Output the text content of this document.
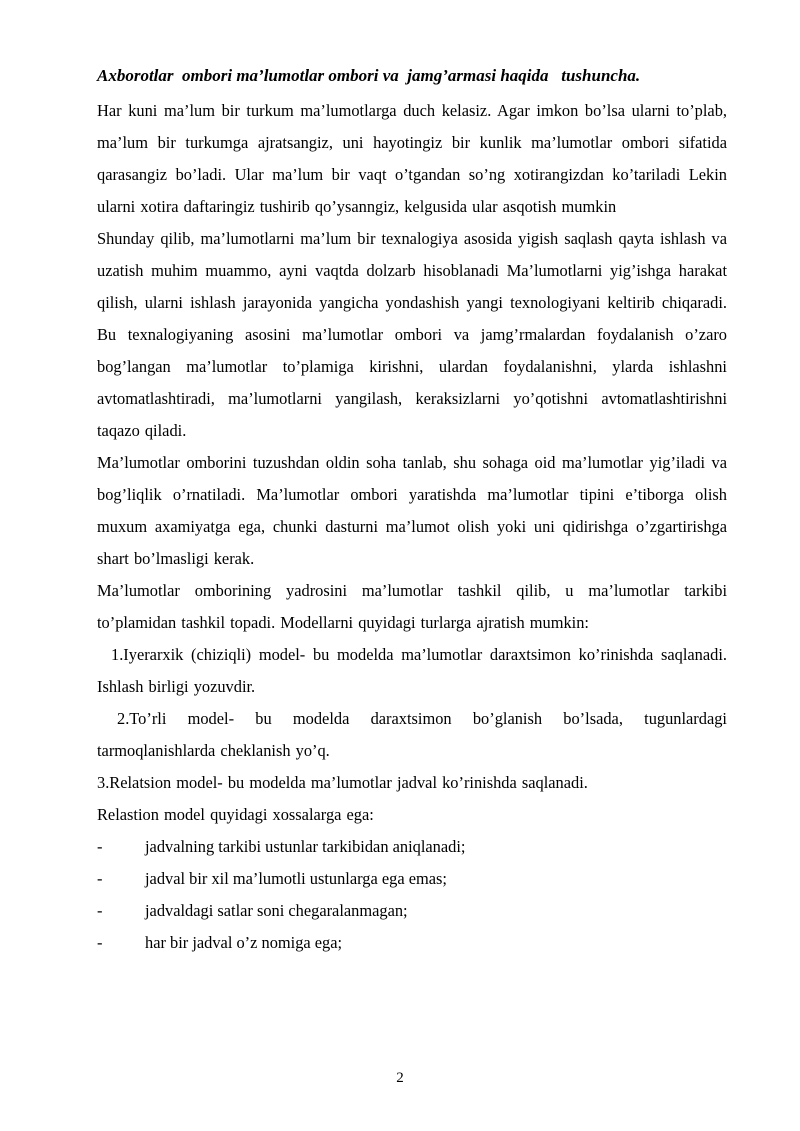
Axborotlar  ombori ma’lumotlar ombori va  jamg’armasi haqida   tushuncha.

Har kuni ma’lum bir turkum ma’lumotlarga duch kelasiz. Agar imkon bo’lsa ularni to’plab, ma’lum bir turkumga ajratsangiz, uni hayotingiz bir kunlik ma’lumotlar ombori sifatida qarasangiz bo’ladi. Ular ma’lum bir vaqt o’tgandan so’ng xotirangizdan ko’tariladi Lekin ularni xotira daftaringiz tushirib qo’ysanngiz, kelgusida ular asqotish mumkin

Shunday qilib, ma’lumotlarni ma’lum bir texnalogiya asosida yigish saqlash qayta ishlash va uzatish muhim muammo, ayni vaqtda dolzarb hisoblanadi Ma’lumotlarni yig’ishga harakat qilish, ularni ishlash jarayonida yangicha yondashish yangi texnologiyani keltirib chiqaradi. Bu texnalogiyaning asosini ma’lumotlar ombori va jamg’rmalardan foydalanish o’zaro bog’langan ma’lumotlar to’plamiga kirishni, ulardan foydalanishni, ylarda ishlashni avtomatlashtiradi, ma’lumotlarni yangilash, keraksizlarni yo’qotishni avtomatlashtirishni taqazo qiladi.

Ma’lumotlar omborini tuzushdan oldin soha tanlab, shu sohaga oid ma’lumotlar yig’iladi va bog’liqlik o’rnatiladi. Ma’lumotlar ombori yaratishda ma’lumotlar tipini e’tiborga olish muxum axamiyatga ega, chunki dasturni ma’lumot olish yoki uni qidirishga o’zgartirishga shart bo’lmasligi kerak.

Ma’lumotlar omborining yadrosini ma’lumotlar tashkil qilib, u ma’lumotlar tarkibi to’plamidan tashkil topadi. Modellarni quyidagi turlarga ajratish mumkin:

1.Iyerarxik (chiziqli) model- bu modelda ma’lumotlar daraxtsimon ko’rinishda saqlanadi. Ishlash birligi yozuvdir.

2.To’rli model- bu modelda daraxtsimon bo’glanish bo’lsada, tugunlardagi tarmoqlanishlarda cheklanish yo’q.

3.Relatsion model- bu modelda ma’lumotlar jadval ko’rinishda saqlanadi.

Relastion model quyidagi xossalarga ega:

-	jadvalning tarkibi ustunlar tarkibidan aniqlanadi;
-	jadval bir xil ma’lumotli ustunlarga ega emas;
-	jadvaldagi satlar soni chegaralanmagan;
-	har bir jadval o’z nomiga ega;
2
